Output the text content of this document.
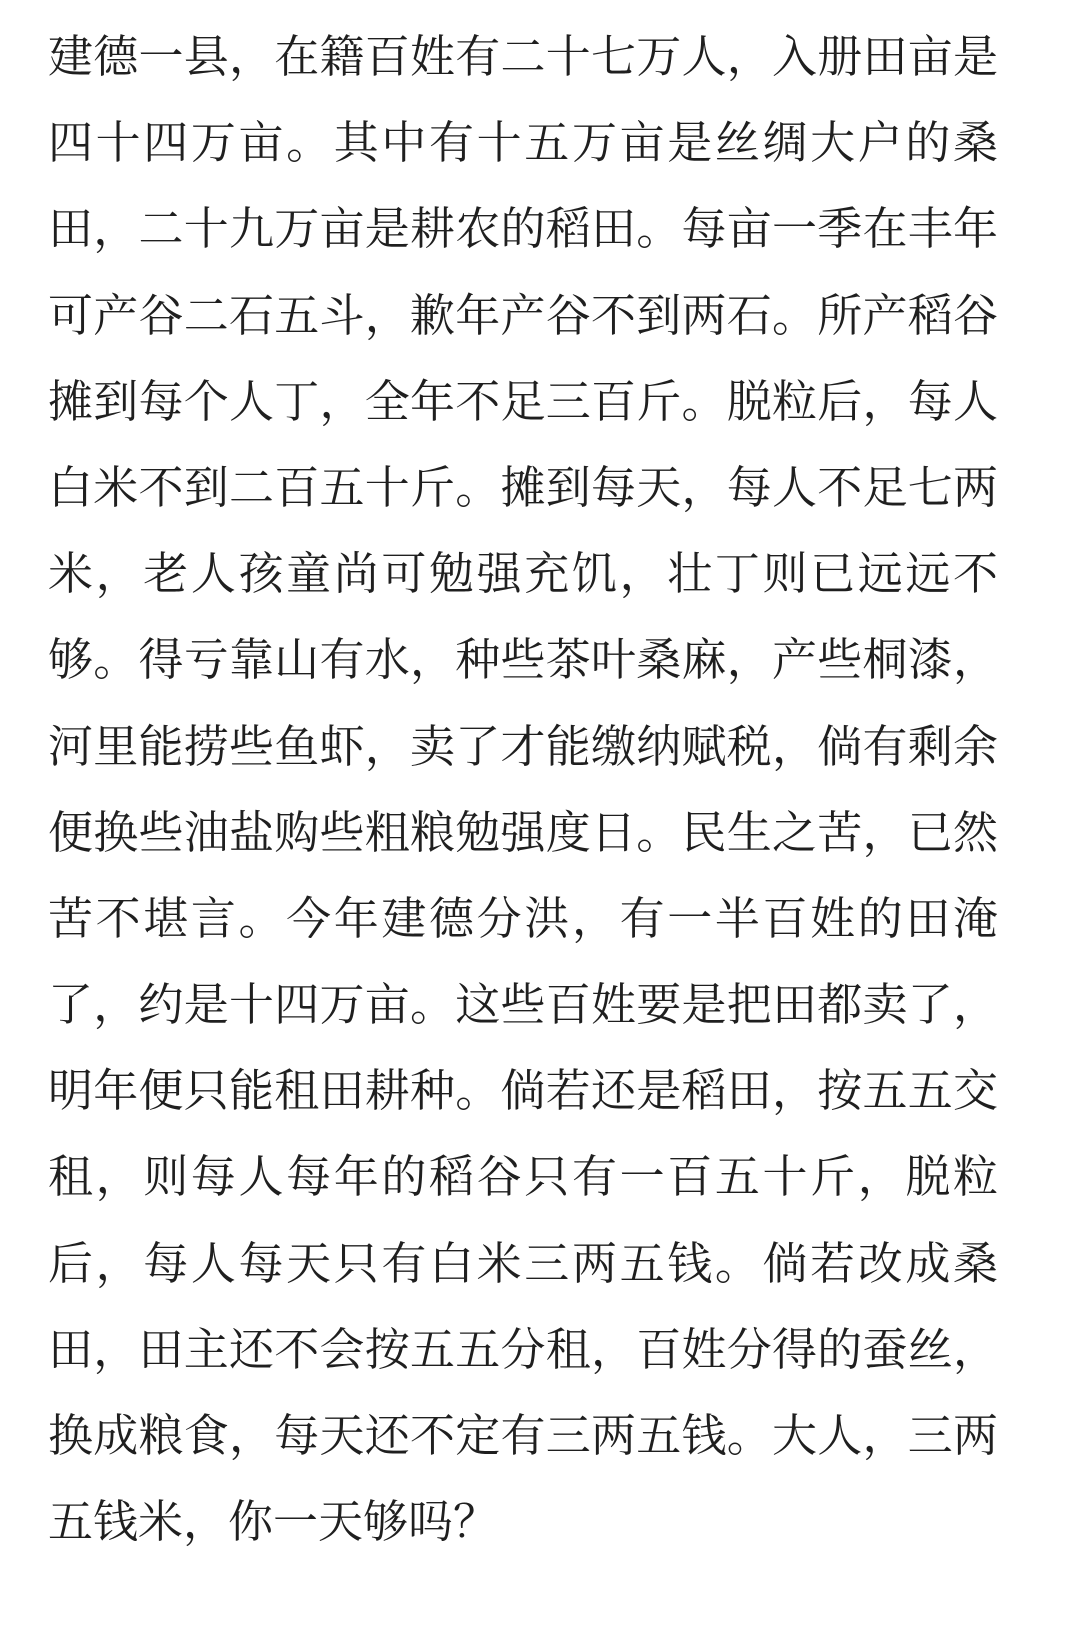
建德一县，在籍百姓有二十七万人，入册田亩是
四十四万亩。其中有十五万亩是丝绸大户的桑
田，二十九万亩是耕农的稻田。每亩一季在丰年
可产谷二石五斗，歉年产谷不到两石。所产稻谷
摊到每个人丁，全年不足三百斤。脱粒后，每人
白米不到二百五十斤。摊到每天，每人不足七两
米，老人孩童尚可勉强充饥，壮丁则已远远不
够。得亏靠山有水，种些茶叶桑麻，产些桐漆，
河里能捞些鱼虾，卖了才能缴纳赋税，倘有剩余
便换些油盐购些粗粮勉强度日。民生之苦，已然
苦不堪言。今年建德分洪，有一半百姓的田淹
了，约是十四万亩。这些百姓要是把田都卖了，
明年便只能租田耕种。倘若还是稻田，按五五交
租，则每人每年的稻谷只有一百五十斤，脱粒
后，每人每天只有白米三两五钱。倘若改成桑
田，田主还不会按五五分租，百姓分得的蚕丝，
换成粮食，每天还不定有三两五钱。大人，三两
五钱米，你一天够吗？
